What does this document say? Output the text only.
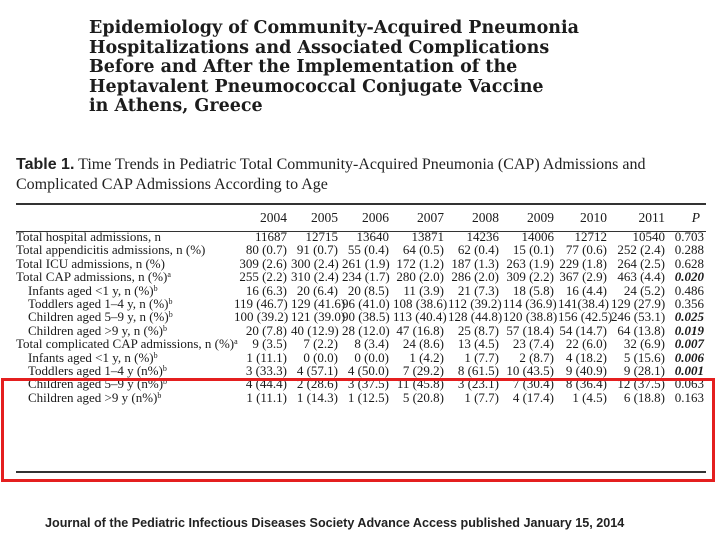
Epidemiology of Community-Acquired Pneumonia
Hospitalizations and Associated Complications
Before and After the Implementation of the
Heptavalent Pneumococcal Conjugate Vaccine
in Athens, Greece
Table 1. Time Trends in Pediatric Total Community-Acquired Pneumonia (CAP) Admissions and Complicated CAP Admissions According to Age
	2004	2005	2006	2007	2008	2009	2010	2011	P
Total hospital admissions, n	11687	12715	13640	13871	14236	14006	12712	10540	0.703
Total appendicitis admissions, n (%)	80 (0.7)	91 (0.7)	55 (0.4)	64 (0.5)	62 (0.4)	15 (0.1)	77 (0.6)	252 (2.4)	0.288
Total ICU admissions, n (%)	309 (2.6)	300 (2.4)	261 (1.9)	172 (1.2)	187 (1.3)	263 (1.9)	229 (1.8)	264 (2.5)	0.628
Total CAP admissions, n (%)$^a$	255 (2.2)	310 (2.4)	234 (1.7)	280 (2.0)	286 (2.0)	309 (2.2)	367 (2.9)	463 (4.4)	0.020
Infants aged <1 y, n (%)$^b$	16 (6.3)	20 (6.4)	20 (8.5)	11 (3.9)	21 (7.3)	18 (5.8)	16 (4.4)	24 (5.2)	0.486
Toddlers aged 1–4 y, n (%)$^b$	119 (46.7)	129 (41.6)	96 (41.0)	108 (38.6)	112 (39.2)	114 (36.9)	141(38.4)	129 (27.9)	0.356
Children aged 5–9 y, n (%)$^b$	100 (39.2)	121 (39.0)	90 (38.5)	113 (40.4)	128 (44.8)	120 (38.8)	156 (42.5)	246 (53.1)	0.025
Children aged >9 y, n (%)$^b$	20 (7.8)	40 (12.9)	28 (12.0)	47 (16.8)	25 (8.7)	57 (18.4)	54 (14.7)	64 (13.8)	0.019
Total complicated CAP admissions, n (%)$^a$	9 (3.5)	7 (2.2)	8 (3.4)	24 (8.6)	13 (4.5)	23 (7.4)	22 (6.0)	32 (6.9)	0.007
Infants aged <1 y, n (%)$^b$	1 (11.1)	0 (0.0)	0 (0.0)	1 (4.2)	1 (7.7)	2 (8.7)	4 (18.2)	5 (15.6)	0.006
Toddlers aged 1–4 y $(n\%)^b$	3 (33.3)	4 (57.1)	4 (50.0)	7 (29.2)	8 (61.5)	10 (43.5)	9 (40.9)	9 (28.1)	0.001
Children aged 5–9 y $(n\%)^b$	4 (44.4)	2 (28.6)	3 (37.5)	11 (45.8)	3 (23.1)	7 (30.4)	8 (36.4)	12 (37.5)	0.063
Children aged >9 y $(n\%)^b$	1 (11.1)	1 (14.3)	1 (12.5)	5 (20.8)	1 (7.7)	4 (17.4)	1 (4.5)	6 (18.8)	0.163
Journal of the Pediatric Infectious Diseases Society Advance Access published January 15, 2014
